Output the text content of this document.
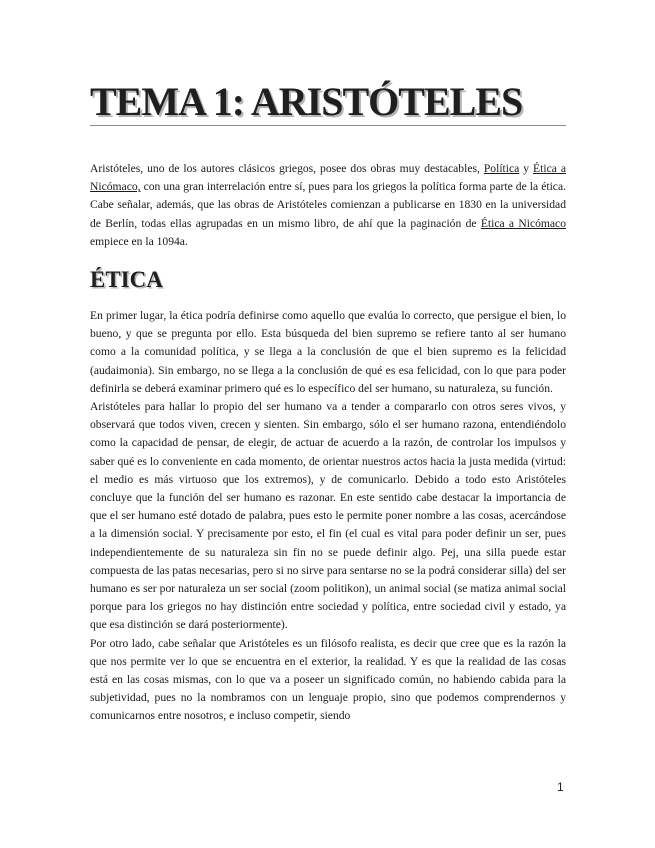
TEMA 1: ARISTÓTELES

Aristóteles, uno de los autores clásicos griegos, posee dos obras muy destacables, Política y Ética a Nicómaco, con una gran interrelación entre sí, pues para los griegos la política forma parte de la ética. Cabe señalar, además, que las obras de Aristóteles comienzan a publicarse en 1830 en la universidad de Berlín, todas ellas agrupadas en un mismo libro, de ahí que la paginación de Ética a Nicómaco empiece en la 1094a.

ÉTICA

En primer lugar, la ética podría definirse como aquello que evalúa lo correcto, que persigue el bien, lo bueno, y que se pregunta por ello. Esta búsqueda del bien supremo se refiere tanto al ser humano como a la comunidad política, y se llega a la conclusión de que el bien supremo es la felicidad (audaimonia). Sin embargo, no se llega a la conclusión de qué es esa felicidad, con lo que para poder definirla se deberá examinar primero qué es lo específico del ser humano, su naturaleza, su función.

Aristóteles para hallar lo propio del ser humano va a tender a compararlo con otros seres vivos, y observará que todos viven, crecen y sienten. Sin embargo, sólo el ser humano razona, entendiéndolo como la capacidad de pensar, de elegir, de actuar de acuerdo a la razón, de controlar los impulsos y saber qué es lo conveniente en cada momento, de orientar nuestros actos hacia la justa medida (virtud: el medio es más virtuoso que los extremos), y de comunicarlo. Debido a todo esto Aristóteles concluye que la función del ser humano es razonar. En este sentido cabe destacar la importancia de que el ser humano esté dotado de palabra, pues esto le permite poner nombre a las cosas, acercándose a la dimensión social. Y precisamente por esto, el fin (el cual es vital para poder definir un ser, pues independientemente de su naturaleza sin fin no se puede definir algo. Pej, una silla puede estar compuesta de las patas necesarias, pero si no sirve para sentarse no se la podrá considerar silla) del ser humano es ser por naturaleza un ser social (zoom politikon), un animal social (se matiza animal social porque para los griegos no hay distinción entre sociedad y política, entre sociedad civil y estado, ya que esa distinción se dará posteriormente).

Por otro lado, cabe señalar que Aristóteles es un filósofo realista, es decir que cree que es la razón la que nos permite ver lo que se encuentra en el exterior, la realidad. Y es que la realidad de las cosas está en las cosas mismas, con lo que va a poseer un significado común, no habiendo cabida para la subjetividad, pues no la nombramos con un lenguaje propio, sino que podemos comprendernos y comunicarnos entre nosotros, e incluso competir, siendo

1
